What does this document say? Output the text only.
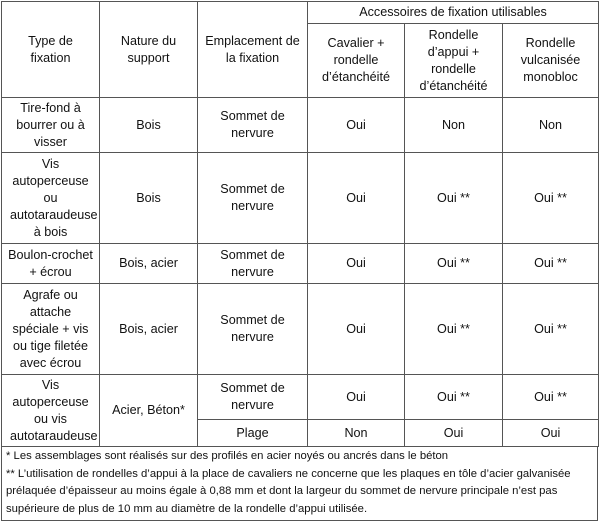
Type de fixation	Nature du support	Emplacement de la fixation	Accessoires de fixation utilisables		
			Cavalier + rondelle d’étanchéité	Rondelle d’appui + rondelle d’étanchéité	Rondelle vulcanisée monobloc
Tire-fond à bourrer ou à visser	Bois	Sommet de nervure	Oui	Non	Non
Vis autoperceuse ou autotaraudeuse à bois	Bois	Sommet de nervure	Oui	Oui **	Oui **
Boulon-crochet + écrou	Bois, acier	Sommet de nervure	Oui	Oui **	Oui **
Agrafe ou attache spéciale + vis ou tige filetée avec écrou	Bois, acier	Sommet de nervure	Oui	Oui **	Oui **
Vis autoperceuse ou vis autotaraudeuse	Acier, Béton*	Sommet de nervure	Oui	Oui **	Oui **
		Plage	Non	Oui	Oui
* Les assemblages sont réalisés sur des profilés en acier noyés ou ancrés dans le béton
** L’utilisation de rondelles d’appui à la place de cavaliers ne concerne que les plaques en tôle d’acier galvanisée prélaquée d’épaisseur au moins égale à 0,88 mm et dont la largeur du sommet de nervure principale n’est pas supérieure de plus de 10 mm au diamètre de la rondelle d’appui utilisée.
